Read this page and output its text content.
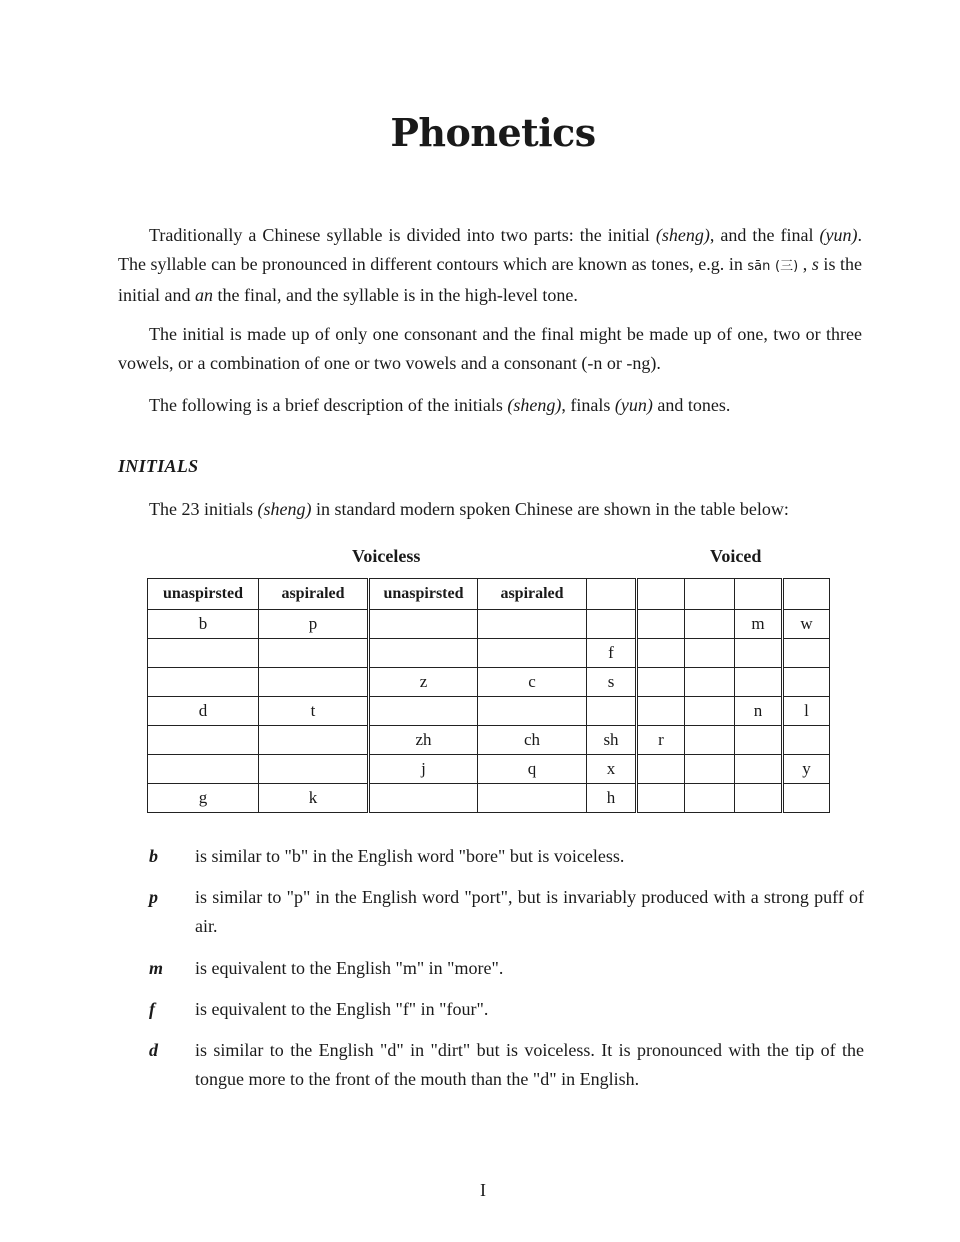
Phonetics

Traditionally a Chinese syllable is divided into two parts: the initial (sheng), and the final (yun). The syllable can be pronounced in different contours which are known as tones, e.g. in sān (三) , s is the initial and an the final, and the syllable is in the high-level tone.

The initial is made up of only one consonant and the final might be made up of one, two or three vowels, or a combination of one or two vowels and a consonant (-n or -ng).

The following is a brief description of the initials (sheng), finals (yun) and tones.

INITIALS

The 23 initials (sheng) in standard modern spoken Chinese are shown in the table below:

Voiceless	Voiced

unaspirsted	aspiraled	unaspirsted	aspiraled					
b	p						m	w
				f				
		z	c	s				
d	t						n	l
		zh	ch	sh	r			
		j	q	x				y
g	k			h				
b is similar to "b" in the English word "bore" but is voiceless.
p is similar to "p" in the English word "port", but is invariably produced with a strong puff of air.
m is equivalent to the English "m" in "more".
f is equivalent to the English "f" in "four".
d is similar to the English "d" in "dirt" but is voiceless. It is pronounced with the tip of the tongue more to the front of the mouth than the "d" in English.

I
